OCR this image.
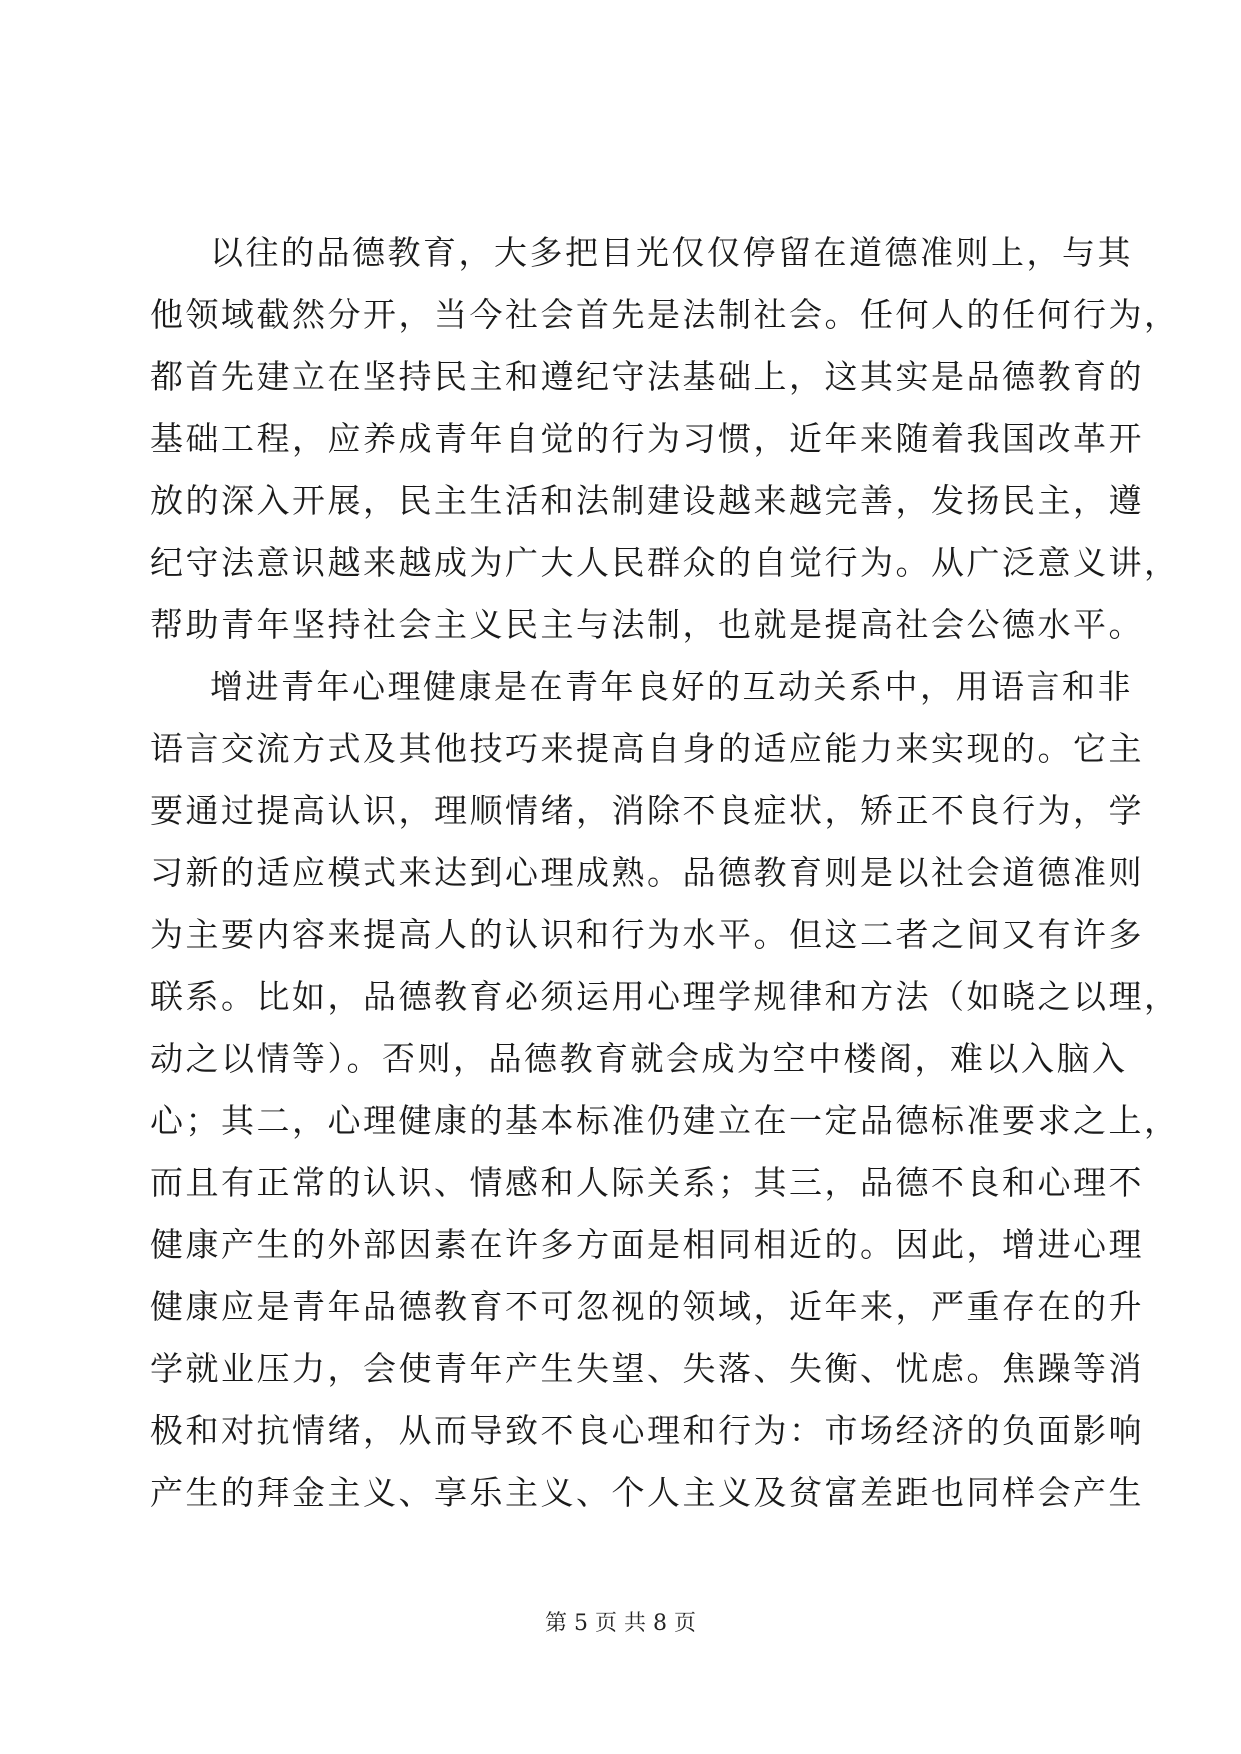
以往的品德教育，大多把目光仅仅停留在道德准则上，与其

他领域截然分开，当今社会首先是法制社会。任何人的任何行为，

都首先建立在坚持民主和遵纪守法基础上，这其实是品德教育的

基础工程，应养成青年自觉的行为习惯，近年来随着我国改革开

放的深入开展，民主生活和法制建设越来越完善，发扬民主，遵

纪守法意识越来越成为广大人民群众的自觉行为。从广泛意义讲，

帮助青年坚持社会主义民主与法制，也就是提高社会公德水平。

增进青年心理健康是在青年良好的互动关系中，用语言和非

语言交流方式及其他技巧来提高自身的适应能力来实现的。它主

要通过提高认识，理顺情绪，消除不良症状，矫正不良行为，学

习新的适应模式来达到心理成熟。品德教育则是以社会道德准则

为主要内容来提高人的认识和行为水平。但这二者之间又有许多

联系。比如，品德教育必须运用心理学规律和方法（如晓之以理，

动之以情等）。否则，品德教育就会成为空中楼阁，难以入脑入

心；其二，心理健康的基本标准仍建立在一定品德标准要求之上，

而且有正常的认识、情感和人际关系；其三，品德不良和心理不

健康产生的外部因素在许多方面是相同相近的。因此，增进心理

健康应是青年品德教育不可忽视的领域，近年来，严重存在的升

学就业压力，会使青年产生失望、失落、失衡、忧虑。焦躁等消

极和对抗情绪，从而导致不良心理和行为：市场经济的负面影响

产生的拜金主义、享乐主义、个人主义及贫富差距也同样会产生

第 5 页 共 8 页
